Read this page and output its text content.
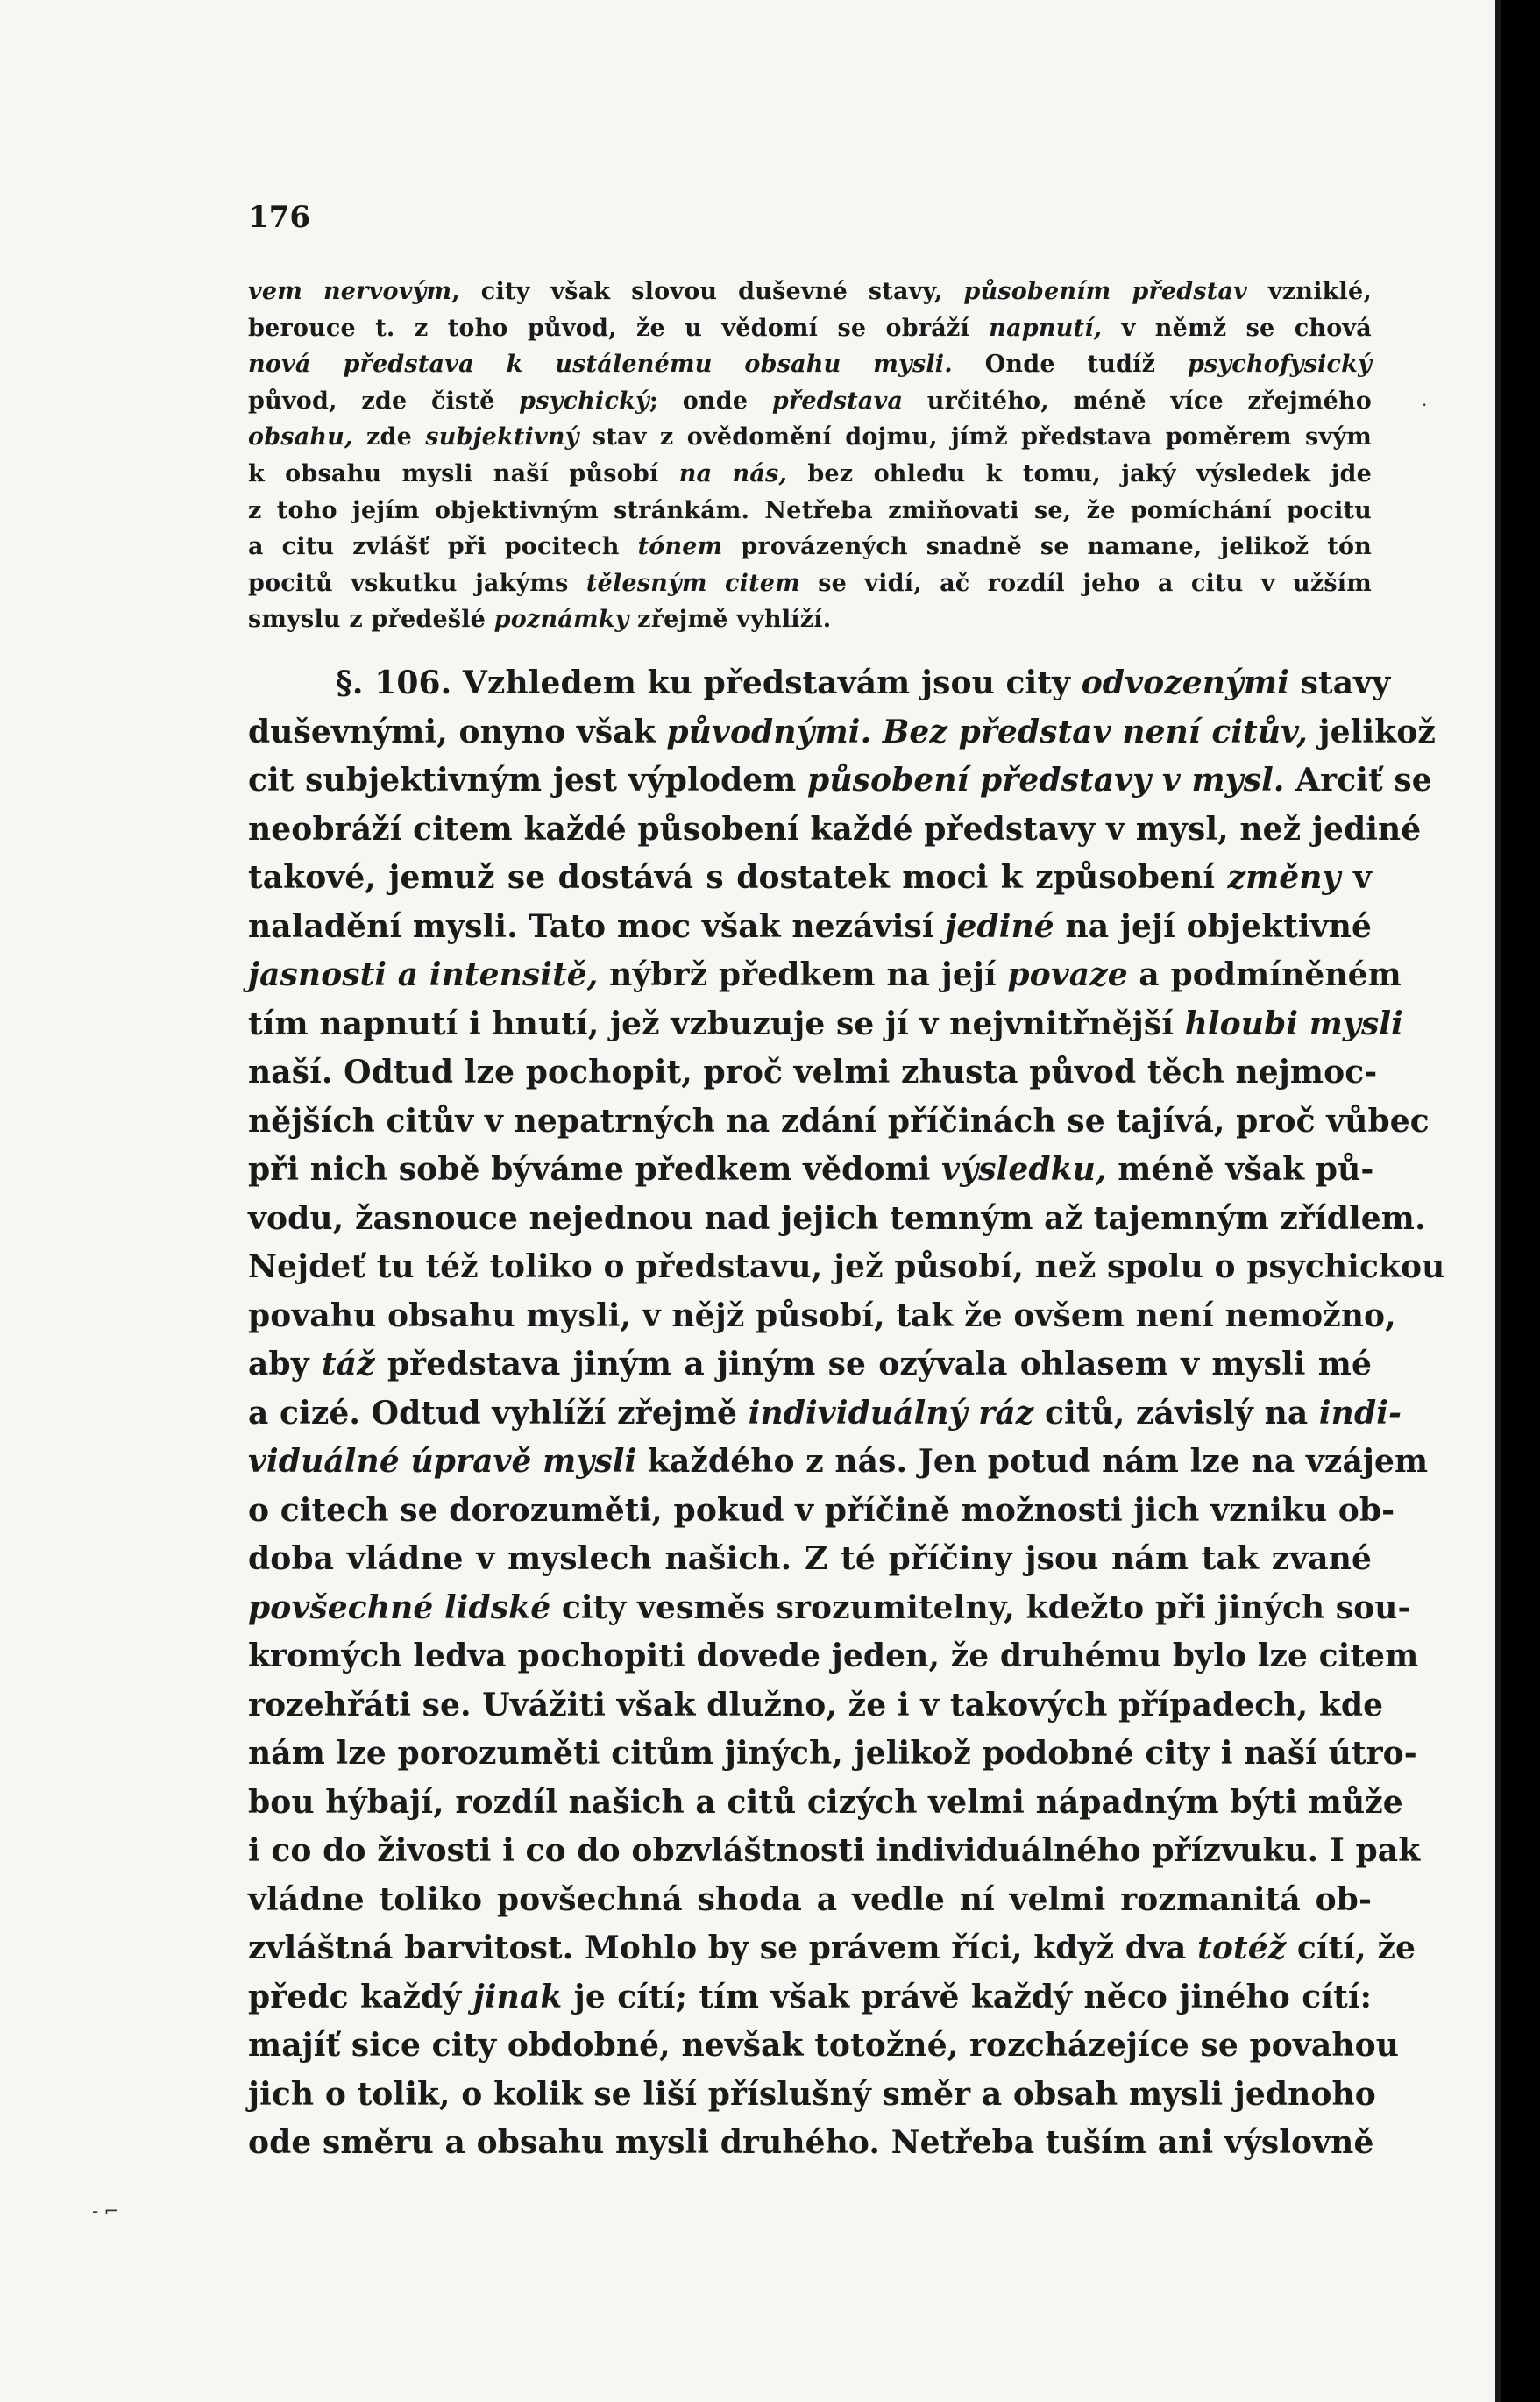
176

vem nervovým, city však slovou duševné stavy, působením představ vzniklé,
berouce t. z toho původ, že u vědomí se obráží napnutí, v němž se chová
nová představa k ustálenému obsahu mysli. Onde tudíž psychofysický
původ, zde čistě psychický; onde představa určitého, méně více zřejmého
obsahu, zde subjektivný stav z ovědomění dojmu, jímž představa poměrem svým
k obsahu mysli naší působí na nás, bez ohledu k tomu, jaký výsledek jde
z toho jejím objektivným stránkám. Netřeba zmiňovati se, že pomíchání pocitu
a citu zvlášť při pocitech tónem provázených snadně se namane, jelikož tón
pocitů vskutku jakýms tělesným citem se vidí, ač rozdíl jeho a citu v užším
smyslu z předešlé poznámky zřejmě vyhlíží.
§. 106. Vzhledem ku představám jsou city odvozenými stavy
duševnými, onyno však původnými. Bez představ není citův, jelikož
cit subjektivným jest výplodem působení představy v mysl. Arciť se
neobráží citem každé působení každé představy v mysl, než jediné
takové, jemuž se dostává s dostatek moci k způsobení změny v
naladění mysli. Tato moc však nezávisí jediné na její objektivné
jasnosti a intensitě, nýbrž předkem na její povaze a podmíněném
tím napnutí i hnutí, jež vzbuzuje se jí v nejvnitřnější hloubi mysli
naší. Odtud lze pochopit, proč velmi zhusta původ těch nejmoc-
nějších citův v nepatrných na zdání příčinách se tajívá, proč vůbec
při nich sobě býváme předkem vědomi výsledku, méně však pů-
vodu, žasnouce nejednou nad jejich temným až tajemným zřídlem.
Nejdeť tu též toliko o představu, jež působí, než spolu o psychickou
povahu obsahu mysli, v nějž působí, tak že ovšem není nemožno,
aby táž představa jiným a jiným se ozývala ohlasem v mysli mé
a cizé. Odtud vyhlíží zřejmě individuálný ráz citů, závislý na indi-
viduálné úpravě mysli každého z nás. Jen potud nám lze na vzájem
o citech se dorozuměti, pokud v příčině možnosti jich vzniku ob-
doba vládne v myslech našich. Z té příčiny jsou nám tak zvané
povšechné lidské city vesměs srozumitelny, kdežto při jiných sou-
kromých ledva pochopiti dovede jeden, že druhému bylo lze citem
rozehřáti se. Uvážiti však dlužno, že i v takových případech, kde
nám lze porozuměti citům jiných, jelikož podobné city i naší útro-
bou hýbají, rozdíl našich a citů cizých velmi nápadným býti může
i co do živosti i co do obzvláštnosti individuálného přízvuku. I pak
vládne toliko povšechná shoda a vedle ní velmi rozmanitá ob-
zvláštná barvitost. Mohlo by se právem říci, když dva totéž cítí, že
předc každý jinak je cítí; tím však právě každý něco jiného cítí:
majíť sice city obdobné, nevšak totožné, rozcházejíce se povahou
jich o tolik, o kolik se liší příslušný směr a obsah mysli jednoho
ode směru a obsahu mysli druhého. Netřeba tuším ani výslovně
·
- ⌐
